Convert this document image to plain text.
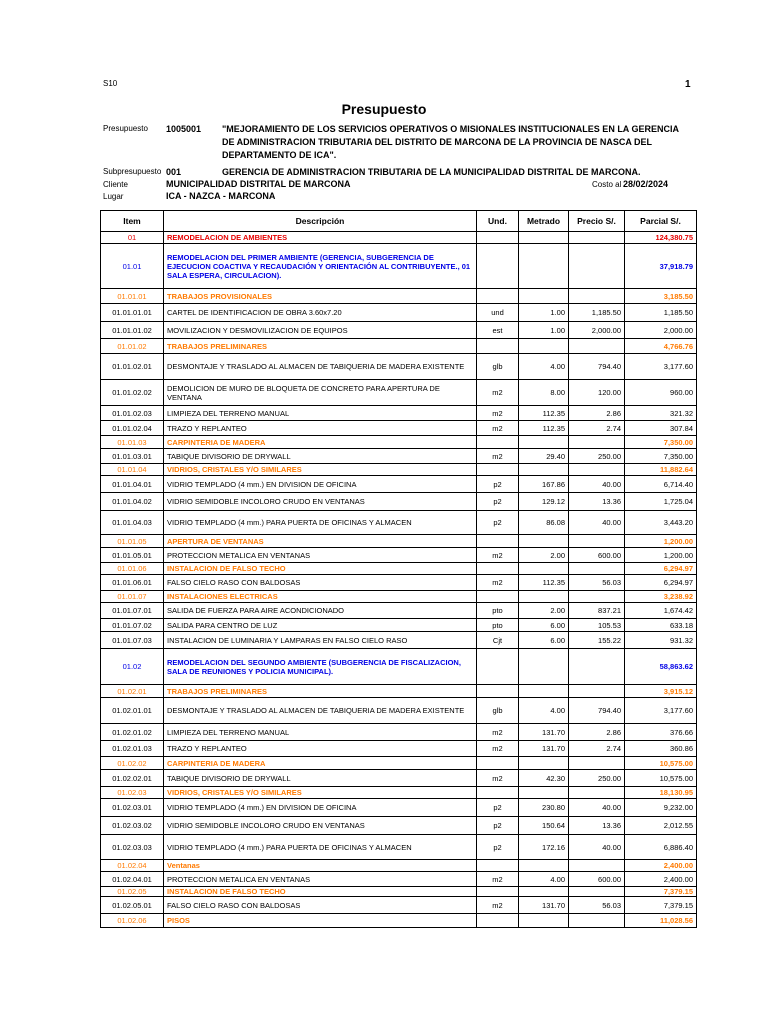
S10	1
Presupuesto
Presupuesto 1005001 "MEJORAMIENTO DE LOS SERVICIOS OPERATIVOS O MISIONALES INSTITUCIONALES EN LA GERENCIA DE ADMINISTRACION TRIBUTARIA DEL DISTRITO DE MARCONA DE LA PROVINCIA DE NASCA DEL DEPARTAMENTO DE ICA".
Subpresupuesto 001	GERENCIA DE ADMINISTRACION TRIBUTARIA DE LA MUNICIPALIDAD DISTRITAL DE MARCONA.
Cliente	MUNICIPALIDAD DISTRITAL DE MARCONA	Costo al 28/02/2024
Lugar	ICA - NAZCA - MARCONA
Item	Descripción	Und.	Metrado	Precio S/.	Parcial S/.
01	REMODELACION DE AMBIENTES				124,380.75
01.01	REMODELACION DEL PRIMER AMBIENTE (GERENCIA, SUBGERENCIA DE EJECUCION COACTIVA Y RECAUDACIÓN Y ORIENTACIÓN AL CONTRIBUYENTE., 01 SALA ESPERA, CIRCULACION).				37,918.79
01.01.01	TRABAJOS PROVISIONALES				3,185.50
01.01.01.01	CARTEL DE IDENTIFICACION DE OBRA 3.60x7.20	und	1.00	1,185.50	1,185.50
01.01.01.02	MOVILIZACION Y DESMOVILIZACION DE EQUIPOS	est	1.00	2,000.00	2,000.00
01.01.02	TRABAJOS PRELIMINARES				4,766.76
01.01.02.01	DESMONTAJE Y TRASLADO AL ALMACEN DE TABIQUERIA DE MADERA EXISTENTE	glb	4.00	794.40	3,177.60
01.01.02.02	DEMOLICION DE MURO DE BLOQUETA DE CONCRETO PARA APERTURA DE VENTANA	m2	8.00	120.00	960.00
01.01.02.03	LIMPIEZA DEL TERRENO MANUAL	m2	112.35	2.86	321.32
01.01.02.04	TRAZO Y REPLANTEO	m2	112.35	2.74	307.84
01.01.03	CARPINTERIA DE MADERA				7,350.00
01.01.03.01	TABIQUE DIVISORIO DE DRYWALL	m2	29.40	250.00	7,350.00
01.01.04	VIDRIOS, CRISTALES Y/O SIMILARES				11,882.64
01.01.04.01	VIDRIO TEMPLADO (4 mm.) EN DIVISION DE OFICINA	p2	167.86	40.00	6,714.40
01.01.04.02	VIDRIO SEMIDOBLE INCOLORO CRUDO EN VENTANAS	p2	129.12	13.36	1,725.04
01.01.04.03	VIDRIO TEMPLADO (4 mm.) PARA PUERTA DE OFICINAS Y ALMACEN	p2	86.08	40.00	3,443.20
01.01.05	APERTURA DE VENTANAS				1,200.00
01.01.05.01	PROTECCION METALICA EN VENTANAS	m2	2.00	600.00	1,200.00
01.01.06	INSTALACION DE FALSO TECHO				6,294.97
01.01.06.01	FALSO CIELO RASO CON BALDOSAS	m2	112.35	56.03	6,294.97
01.01.07	INSTALACIONES ELECTRICAS				3,238.92
01.01.07.01	SALIDA DE FUERZA PARA AIRE ACONDICIONADO	pto	2.00	837.21	1,674.42
01.01.07.02	SALIDA PARA CENTRO DE LUZ	pto	6.00	105.53	633.18
01.01.07.03	INSTALACION DE LUMINARIA Y LAMPARAS EN FALSO CIELO RASO	Cjt	6.00	155.22	931.32
01.02	REMODELACION DEL SEGUNDO AMBIENTE (SUBGERENCIA DE FISCALIZACION, SALA DE REUNIONES Y POLICIA MUNICIPAL).				58,863.62
01.02.01	TRABAJOS PRELIMINARES				3,915.12
01.02.01.01	DESMONTAJE Y TRASLADO AL ALMACEN DE TABIQUERIA DE MADERA EXISTENTE	glb	4.00	794.40	3,177.60
01.02.01.02	LIMPIEZA DEL TERRENO MANUAL	m2	131.70	2.86	376.66
01.02.01.03	TRAZO Y REPLANTEO	m2	131.70	2.74	360.86
01.02.02	CARPINTERIA DE MADERA				10,575.00
01.02.02.01	TABIQUE DIVISORIO DE DRYWALL	m2	42.30	250.00	10,575.00
01.02.03	VIDRIOS, CRISTALES Y/O SIMILARES				18,130.95
01.02.03.01	VIDRIO TEMPLADO (4 mm.) EN DIVISION DE OFICINA	p2	230.80	40.00	9,232.00
01.02.03.02	VIDRIO SEMIDOBLE INCOLORO CRUDO EN VENTANAS	p2	150.64	13.36	2,012.55
01.02.03.03	VIDRIO TEMPLADO (4 mm.) PARA PUERTA DE OFICINAS Y ALMACEN	p2	172.16	40.00	6,886.40
01.02.04	Ventanas				2,400.00
01.02.04.01	PROTECCION METALICA EN VENTANAS	m2	4.00	600.00	2,400.00
01.02.05	INSTALACION DE FALSO TECHO				7,379.15
01.02.05.01	FALSO CIELO RASO CON BALDOSAS	m2	131.70	56.03	7,379.15
01.02.06	PISOS				11,028.56
